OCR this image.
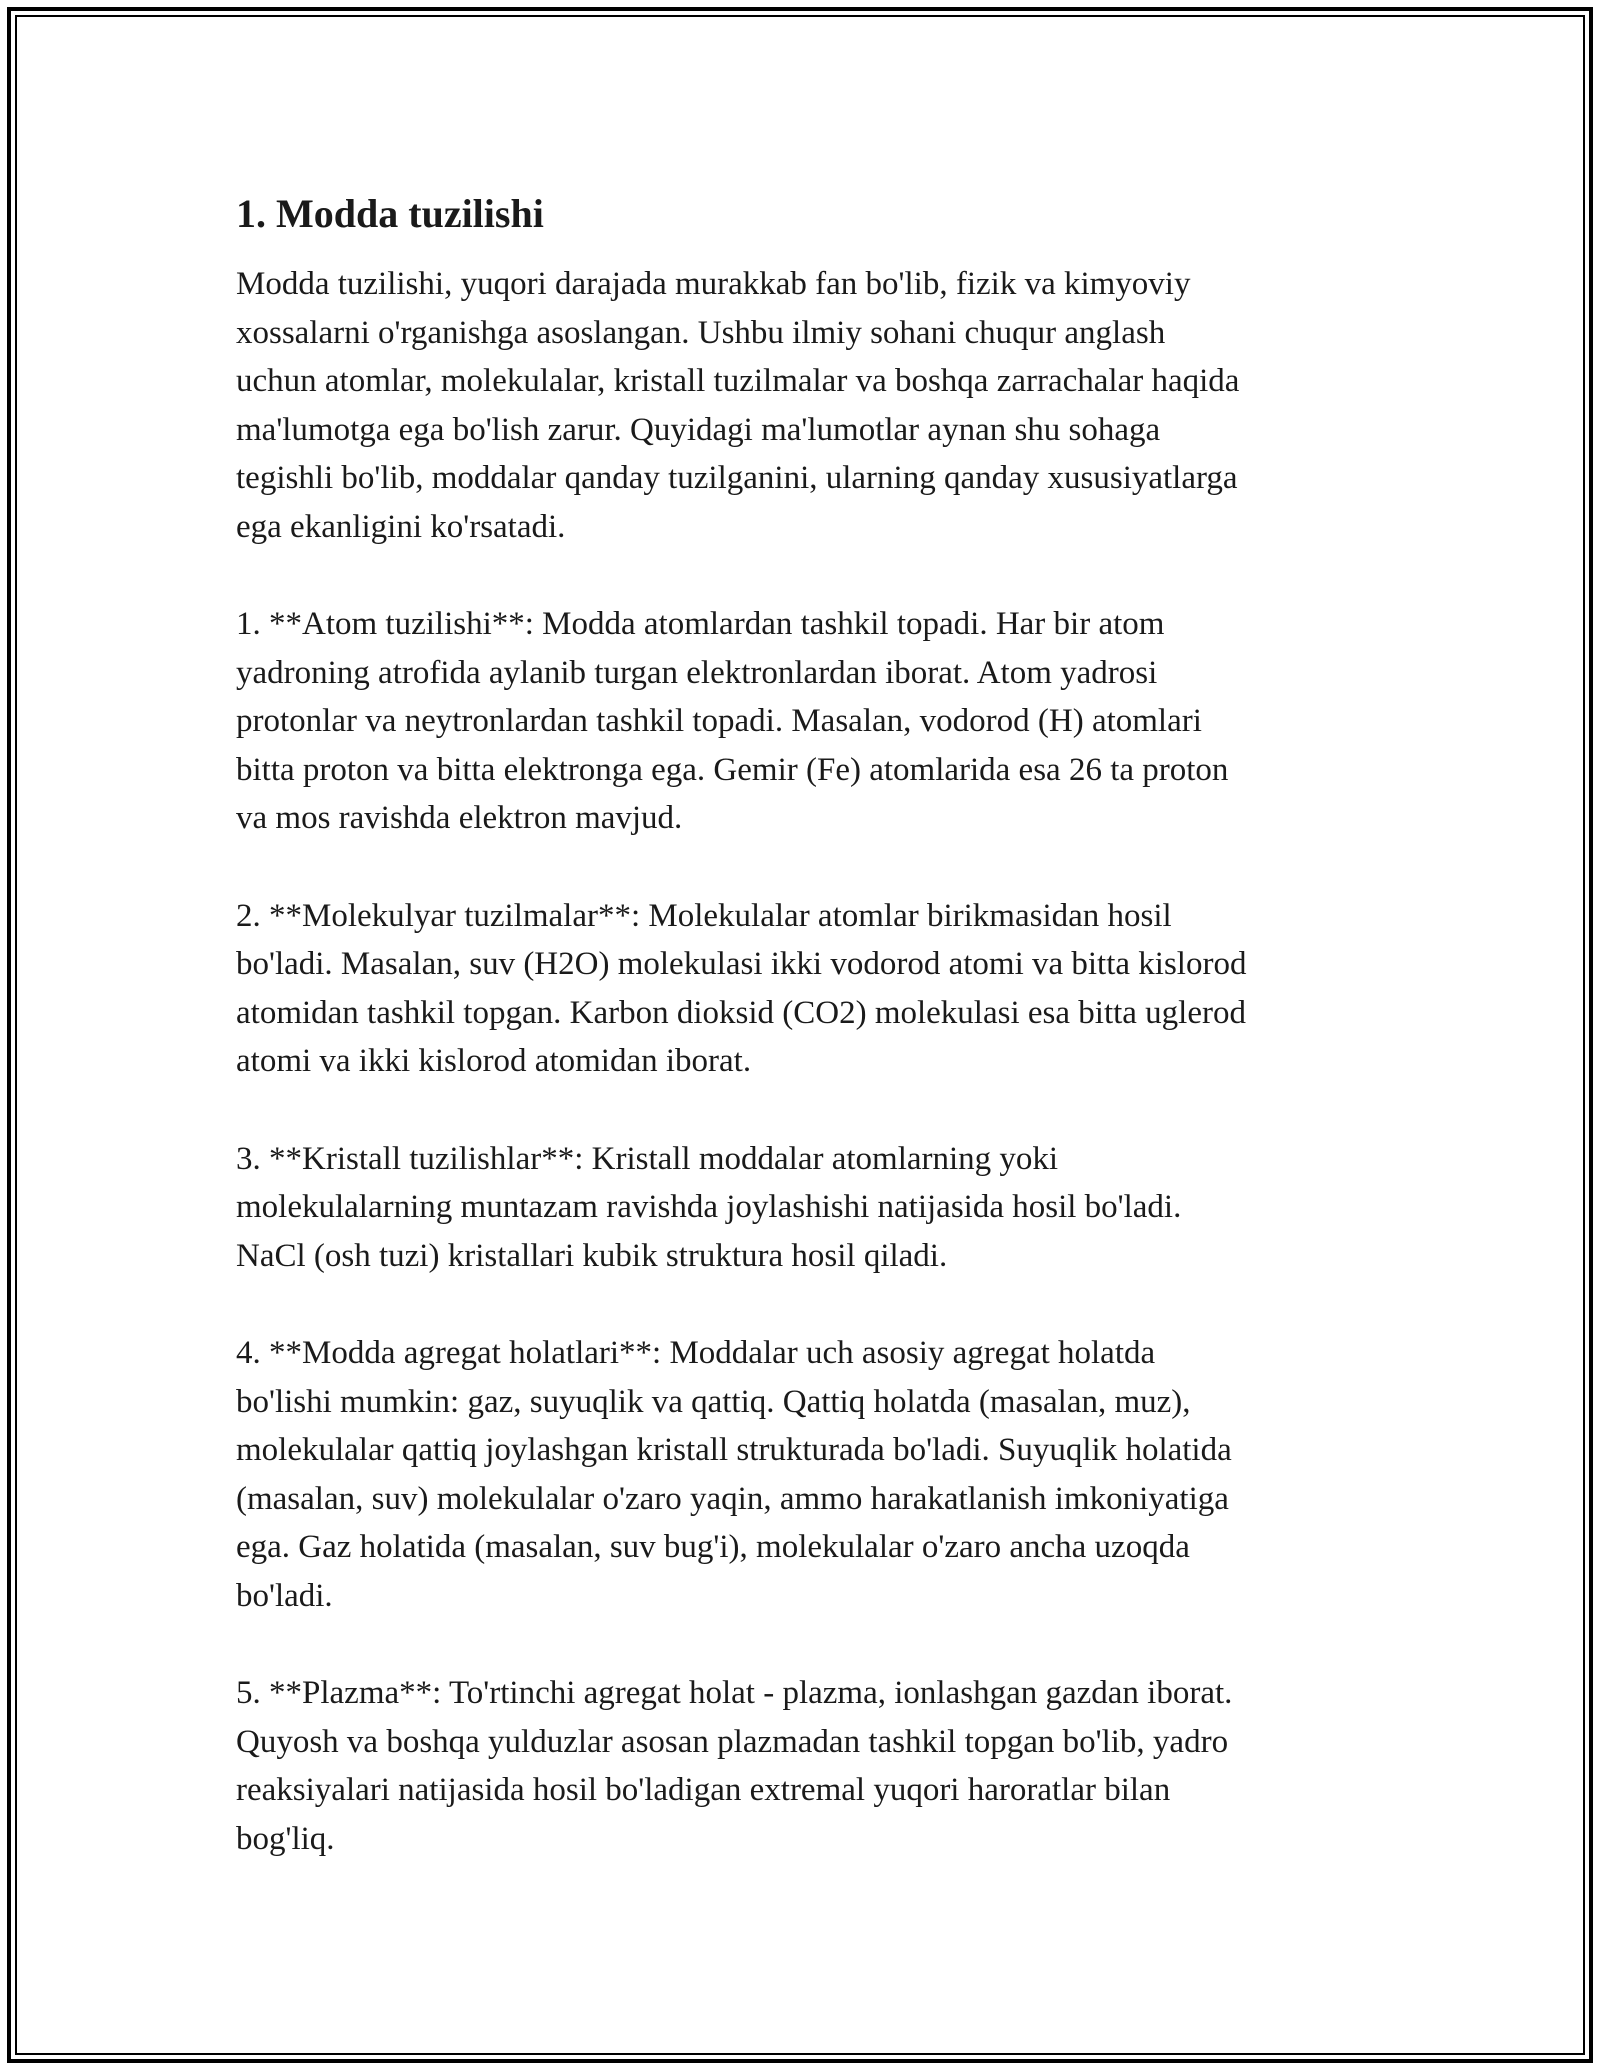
1. Modda tuzilishi

Modda tuzilishi, yuqori darajada murakkab fan bo'lib, fizik va kimyoviy
xossalarni o'rganishga asoslangan. Ushbu ilmiy sohani chuqur anglash
uchun atomlar, molekulalar, kristall tuzilmalar va boshqa zarrachalar haqida
ma'lumotga ega bo'lish zarur. Quyidagi ma'lumotlar aynan shu sohaga
tegishli bo'lib, moddalar qanday tuzilganini, ularning qanday xususiyatlarga
ega ekanligini ko'rsatadi.

1. **Atom tuzilishi**: Modda atomlardan tashkil topadi. Har bir atom
yadroning atrofida aylanib turgan elektronlardan iborat. Atom yadrosi
protonlar va neytronlardan tashkil topadi. Masalan, vodorod (H) atomlari
bitta proton va bitta elektronga ega. Gemir (Fe) atomlarida esa 26 ta proton
va mos ravishda elektron mavjud.

2. **Molekulyar tuzilmalar**: Molekulalar atomlar birikmasidan hosil
bo'ladi. Masalan, suv (H2O) molekulasi ikki vodorod atomi va bitta kislorod
atomidan tashkil topgan. Karbon dioksid (CO2) molekulasi esa bitta uglerod
atomi va ikki kislorod atomidan iborat.

3. **Kristall tuzilishlar**: Kristall moddalar atomlarning yoki
molekulalarning muntazam ravishda joylashishi natijasida hosil bo'ladi.
NaCl (osh tuzi) kristallari kubik struktura hosil qiladi.

4. **Modda agregat holatlari**: Moddalar uch asosiy agregat holatda
bo'lishi mumkin: gaz, suyuqlik va qattiq. Qattiq holatda (masalan, muz),
molekulalar qattiq joylashgan kristall strukturada bo'ladi. Suyuqlik holatida
(masalan, suv) molekulalar o'zaro yaqin, ammo harakatlanish imkoniyatiga
ega. Gaz holatida (masalan, suv bug'i), molekulalar o'zaro ancha uzoqda
bo'ladi.

5. **Plazma**: To'rtinchi agregat holat - plazma, ionlashgan gazdan iborat.
Quyosh va boshqa yulduzlar asosan plazmadan tashkil topgan bo'lib, yadro
reaksiyalari natijasida hosil bo'ladigan extremal yuqori haroratlar bilan
bog'liq.
